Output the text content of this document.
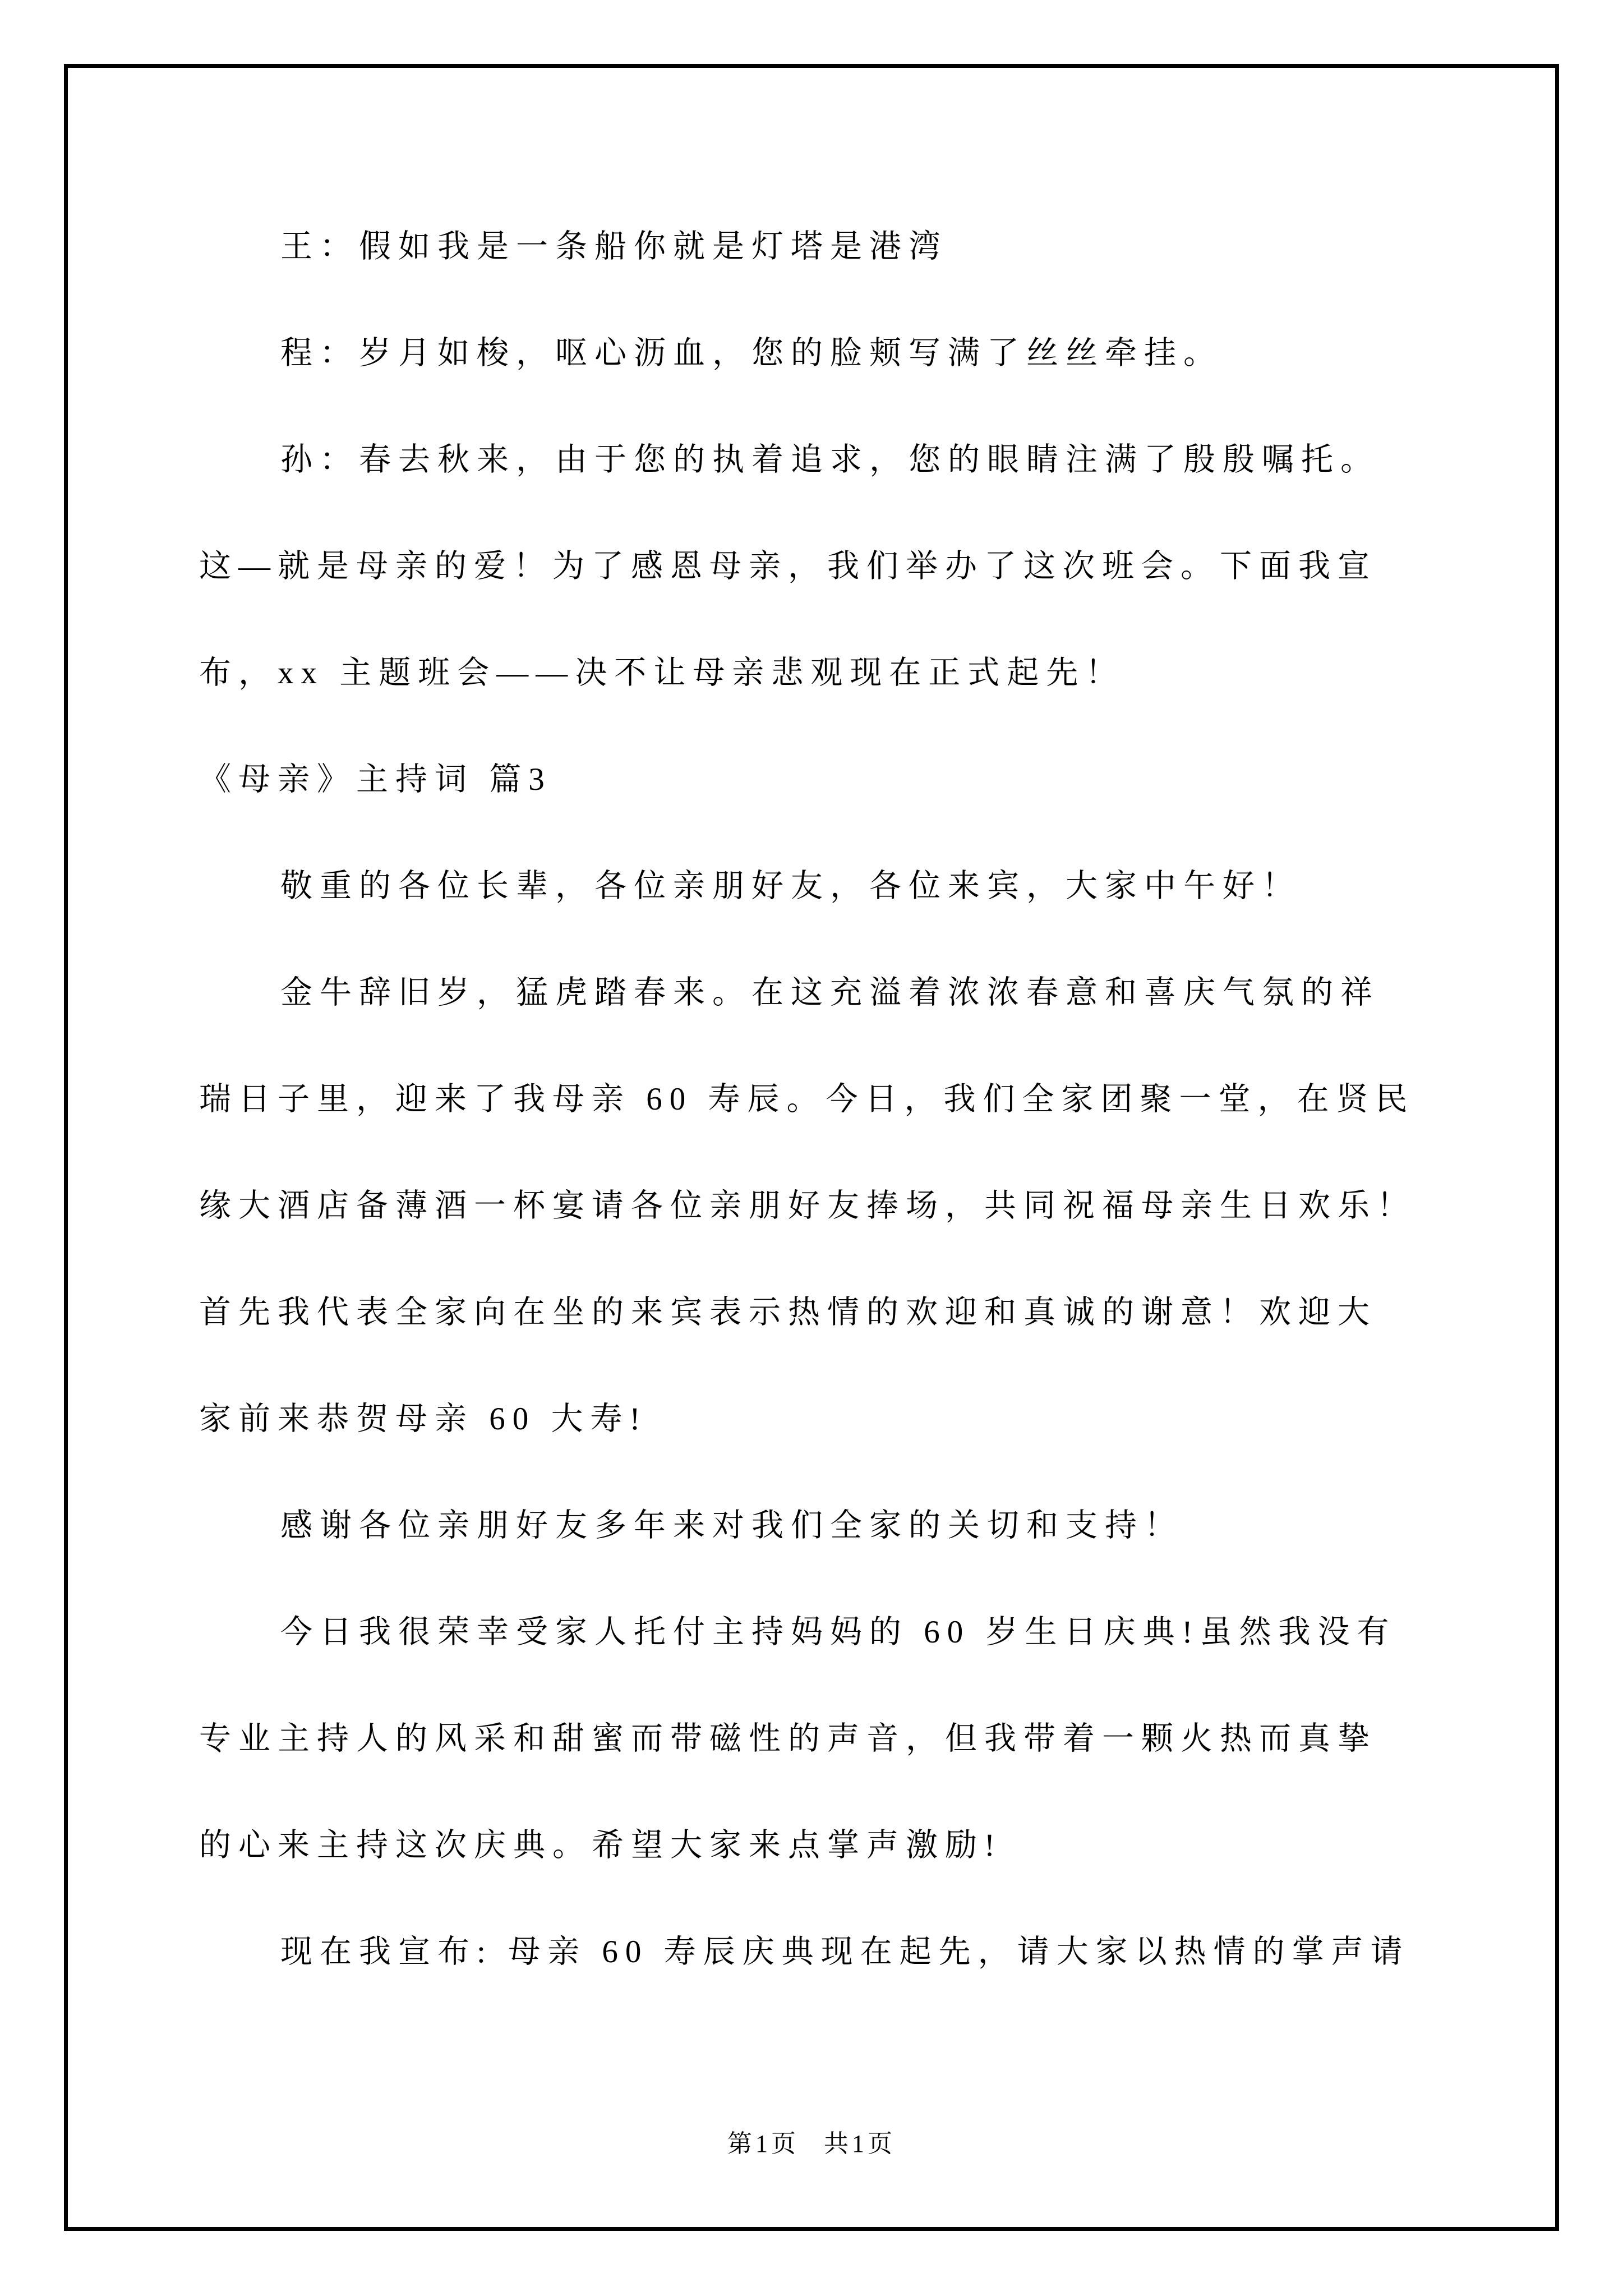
王：假如我是一条船你就是灯塔是港湾
程：岁月如梭，呕心沥血，您的脸颊写满了丝丝牵挂。
孙：春去秋来，由于您的执着追求，您的眼睛注满了殷殷嘱托。
这—就是母亲的爱！为了感恩母亲，我们举办了这次班会。下面我宣
布，xx 主题班会——决不让母亲悲观现在正式起先！
《母亲》主持词 篇3
敬重的各位长辈，各位亲朋好友，各位来宾，大家中午好！
金牛辞旧岁，猛虎踏春来。在这充溢着浓浓春意和喜庆气氛的祥
瑞日子里，迎来了我母亲 60 寿辰。今日，我们全家团聚一堂，在贤民
缘大酒店备薄酒一杯宴请各位亲朋好友捧场，共同祝福母亲生日欢乐！
首先我代表全家向在坐的来宾表示热情的欢迎和真诚的谢意！欢迎大
家前来恭贺母亲 60 大寿!
感谢各位亲朋好友多年来对我们全家的关切和支持！
今日我很荣幸受家人托付主持妈妈的 60 岁生日庆典!虽然我没有
专业主持人的风采和甜蜜而带磁性的声音，但我带着一颗火热而真挚
的心来主持这次庆典。希望大家来点掌声激励!
现在我宣布: 母亲 60 寿辰庆典现在起先，请大家以热情的掌声请
第1页 共1页
